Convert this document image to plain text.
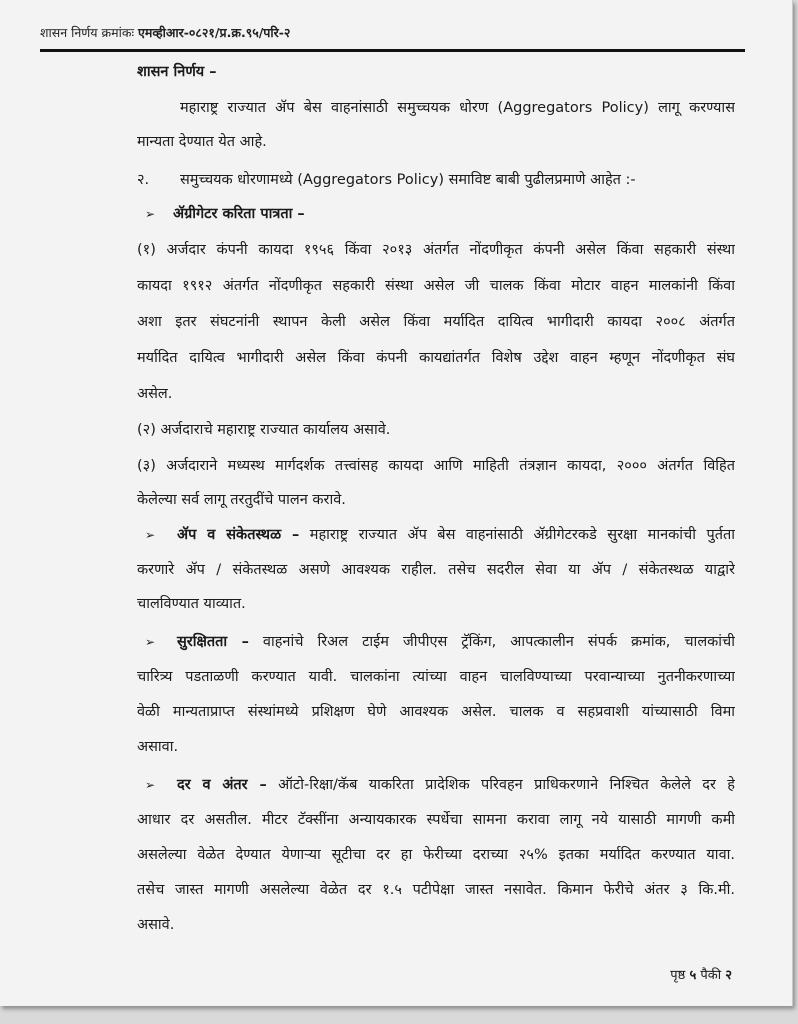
शासन निर्णय क्रमांकः एमव्हीआर-०८२१/प्र.क्र.९५/परि-२
शासन निर्णय –
महाराष्ट्र राज्यात ॲप बेस वाहनांसाठी समुच्चयक धोरण (Aggregators Policy) लागू करण्यास
मान्यता देण्यात येत आहे.
२. समुच्चयक धोरणामध्ये (Aggregators Policy) समाविष्ट बाबी पुढीलप्रमाणे आहेत :-
➢ ॲग्रीगेटर करिता पात्रता –
(१) अर्जदार कंपनी कायदा १९५६ किंवा २०१३ अंतर्गत नोंदणीकृत कंपनी असेल किंवा सहकारी संस्था
कायदा १९१२ अंतर्गत नोंदणीकृत सहकारी संस्था असेल जी चालक किंवा मोटार वाहन मालकांनी किंवा
अशा इतर संघटनांनी स्थापन केली असेल किंवा मर्यादित दायित्व भागीदारी कायदा २००८ अंतर्गत
मर्यादित दायित्व भागीदारी असेल किंवा कंपनी कायद्यांतर्गत विशेष उद्देश वाहन म्हणून नोंदणीकृत संघ
असेल.
(२) अर्जदाराचे महाराष्ट्र राज्यात कार्यालय असावे.
(३) अर्जदाराने मध्यस्थ मार्गदर्शक तत्त्वांसह कायदा आणि माहिती तंत्रज्ञान कायदा, २००० अंतर्गत विहित
केलेल्या सर्व लागू तरतुदींचे पालन करावे.
➢ ॲप व संकेतस्थळ – महाराष्ट्र राज्यात ॲप बेस वाहनांसाठी ॲग्रीगेटरकडे सुरक्षा मानकांची पुर्तता
करणारे ॲप / संकेतस्थळ असणे आवश्यक राहील. तसेच सदरील सेवा या ॲप / संकेतस्थळ याद्वारे
चालविण्यात याव्यात.
➢ सुरक्षितता – वाहनांचे रिअल टाईम जीपीएस ट्रॅकिंग, आपत्कालीन संपर्क क्रमांक, चालकांची
चारित्र्य पडताळणी करण्यात यावी. चालकांना त्यांच्या वाहन चालविण्याच्या परवान्याच्या नुतनीकरणाच्या
वेळी मान्यताप्राप्त संस्थांमध्ये प्रशिक्षण घेणे आवश्यक असेल. चालक व सहप्रवाशी यांच्यासाठी विमा
असावा.
➢ दर व अंतर – ऑटो-रिक्षा/कॅब याकरिता प्रादेशिक परिवहन प्राधिकरणाने निश्चित केलेले दर हे
आधार दर असतील. मीटर टॅक्सींना अन्यायकारक स्पर्धेचा सामना करावा लागू नये यासाठी मागणी कमी
असलेल्या वेळेत देण्यात येणाऱ्या सूटीचा दर हा फेरीच्या दराच्या २५% इतका मर्यादित करण्यात यावा.
तसेच जास्त मागणी असलेल्या वेळेत दर १.५ पटीपेक्षा जास्त नसावेत. किमान फेरीचे अंतर ३ कि.मी.
असावे.
पृष्ठ ५ पैकी २
